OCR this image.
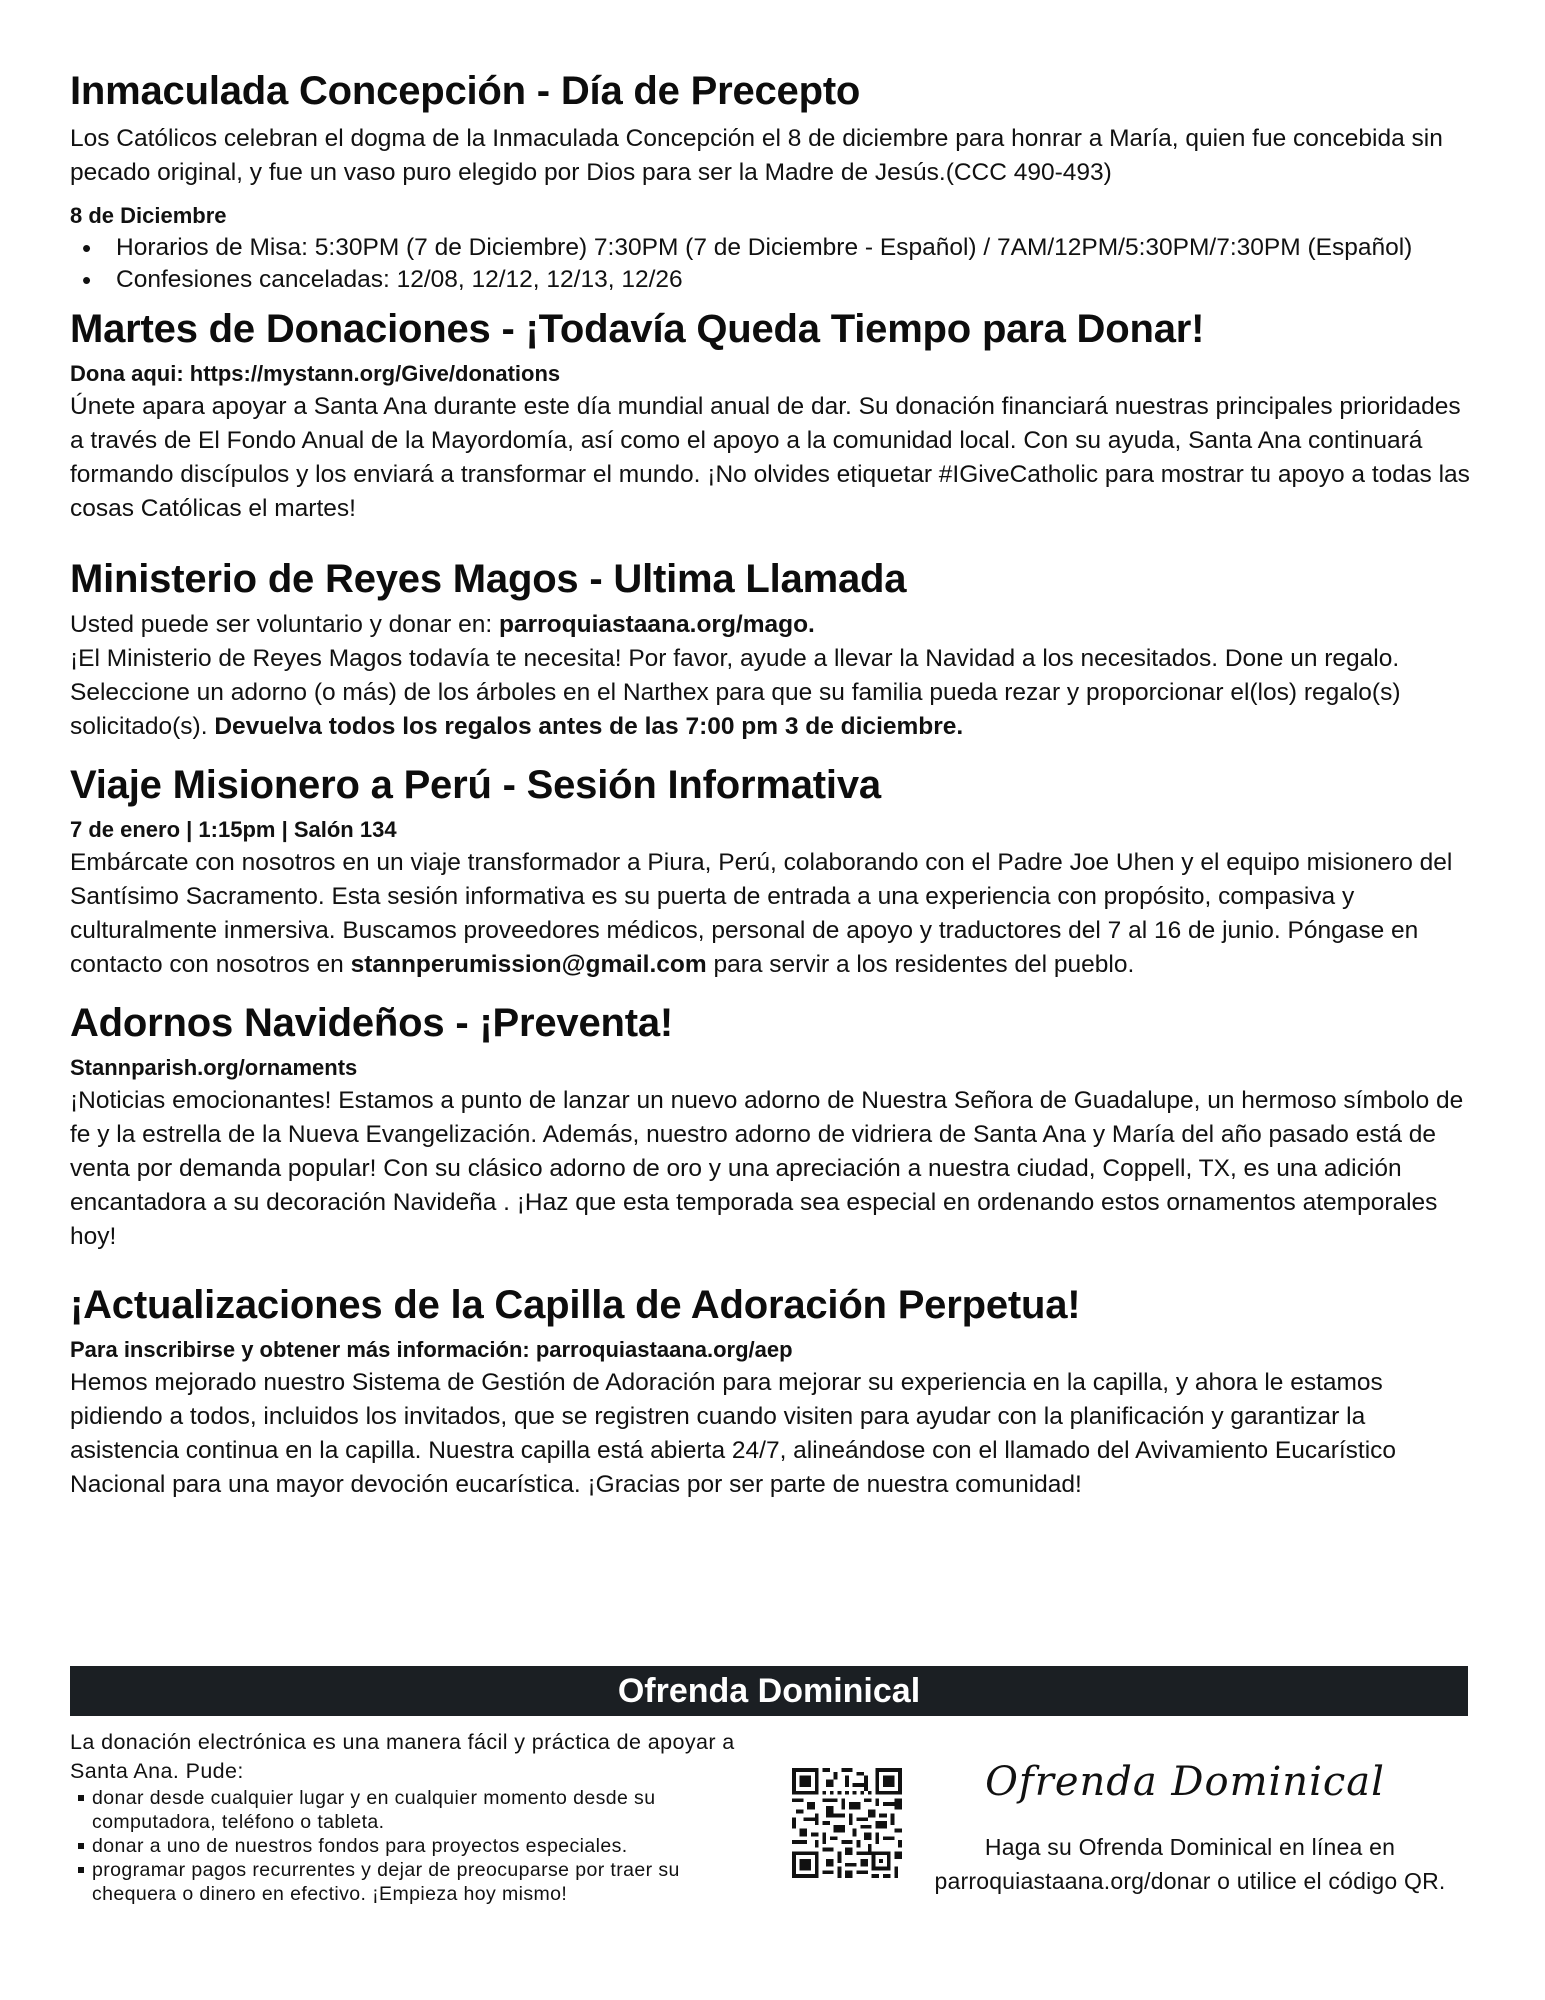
Inmaculada Concepción - Día de Precepto

Los Católicos celebran el dogma de la Inmaculada Concepción el 8 de diciembre para honrar a María, quien fue concebida sin pecado original, y fue un vaso puro elegido por Dios para ser la Madre de Jesús.(CCC 490-493)

8 de Diciembre
• Horarios de Misa: 5:30PM (7 de Diciembre) 7:30PM (7 de Diciembre - Español) / 7AM/12PM/5:30PM/7:30PM (Español)
• Confesiones canceladas: 12/08, 12/12, 12/13, 12/26
Martes de Donaciones - ¡Todavía Queda Tiempo para Donar!
Dona aqui: https://mystann.org/Give/donations

Únete apara apoyar a Santa Ana durante este día mundial anual de dar. Su donación financiará nuestras principales prioridades a través de El Fondo Anual de la Mayordomía, así como el apoyo a la comunidad local. Con su ayuda, Santa Ana continuará formando discípulos y los enviará a transformar el mundo. ¡No olvides etiquetar #IGiveCatholic para mostrar tu apoyo a todas las cosas Católicas el martes!

Ministerio de Reyes Magos - Ultima Llamada

Usted puede ser voluntario y donar en: parroquiastaana.org/mago.

¡El Ministerio de Reyes Magos todavía te necesita! Por favor, ayude a llevar la Navidad a los necesitados. Done un regalo. Seleccione un adorno (o más) de los árboles en el Narthex para que su familia pueda rezar y proporcionar el(los) regalo(s) solicitado(s). Devuelva todos los regalos antes de las 7:00 pm 3 de diciembre.

Viaje Misionero a Perú - Sesión Informativa
7 de enero | 1:15pm | Salón 134

Embárcate con nosotros en un viaje transformador a Piura, Perú, colaborando con el Padre Joe Uhen y el equipo misionero del Santísimo Sacramento. Esta sesión informativa es su puerta de entrada a una experiencia con propósito, compasiva y culturalmente inmersiva. Buscamos proveedores médicos, personal de apoyo y traductores del 7 al 16 de junio. Póngase en contacto con nosotros en stannperumission@gmail.com para servir a los residentes del pueblo.

Adornos Navideños - ¡Preventa!
Stannparish.org/ornaments

¡Noticias emocionantes! Estamos a punto de lanzar un nuevo adorno de Nuestra Señora de Guadalupe, un hermoso símbolo de fe y la estrella de la Nueva Evangelización. Además, nuestro adorno de vidriera de Santa Ana y María del año pasado está de venta por demanda popular! Con su clásico adorno de oro y una apreciación a nuestra ciudad, Coppell, TX, es una adición encantadora a su decoración Navideña . ¡Haz que esta temporada sea especial en ordenando estos ornamentos atemporales hoy!

¡Actualizaciones de la Capilla de Adoración Perpetua!
Para inscribirse y obtener más información: parroquiastaana.org/aep

Hemos mejorado nuestro Sistema de Gestión de Adoración para mejorar su experiencia en la capilla, y ahora le estamos pidiendo a todos, incluidos los invitados, que se registren cuando visiten para ayudar con la planificación y garantizar la asistencia continua en la capilla. Nuestra capilla está abierta 24/7, alineándose con el llamado del Avivamiento Eucarístico Nacional para una mayor devoción eucarística. ¡Gracias por ser parte de nuestra comunidad!

Ofrenda Dominical

La donación electrónica es una manera fácil y práctica de apoyar a Santa Ana. Pude:

donar desde cualquier lugar y en cualquier momento desde su computadora, teléfono o tableta.
donar a uno de nuestros fondos para proyectos especiales.
programar pagos recurrentes y dejar de preocuparse por traer su chequera o dinero en efectivo. ¡Empieza hoy mismo!
Ofrenda Dominical
Haga su Ofrenda Dominical en línea en
parroquiastaana.org/donar o utilice el código QR.
